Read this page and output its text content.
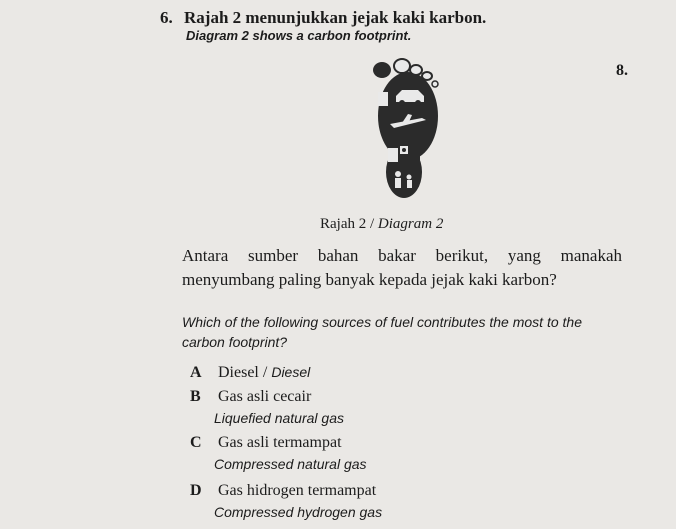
6. Rajah 2 menunjukkan jejak kaki karbon.
Diagram 2 shows a carbon footprint.
8.
Rajah 2 / Diagram 2
Antara sumber bahan bakar berikut, yang manakah menyumbang paling banyak kepada jejak kaki karbon?
Which of the following sources of fuel contributes the most to the carbon footprint?
A Diesel / Diesel
B Gas asli cecair
Liquefied natural gas
C Gas asli termampat
Compressed natural gas
D Gas hidrogen termampat
Compressed hydrogen gas
